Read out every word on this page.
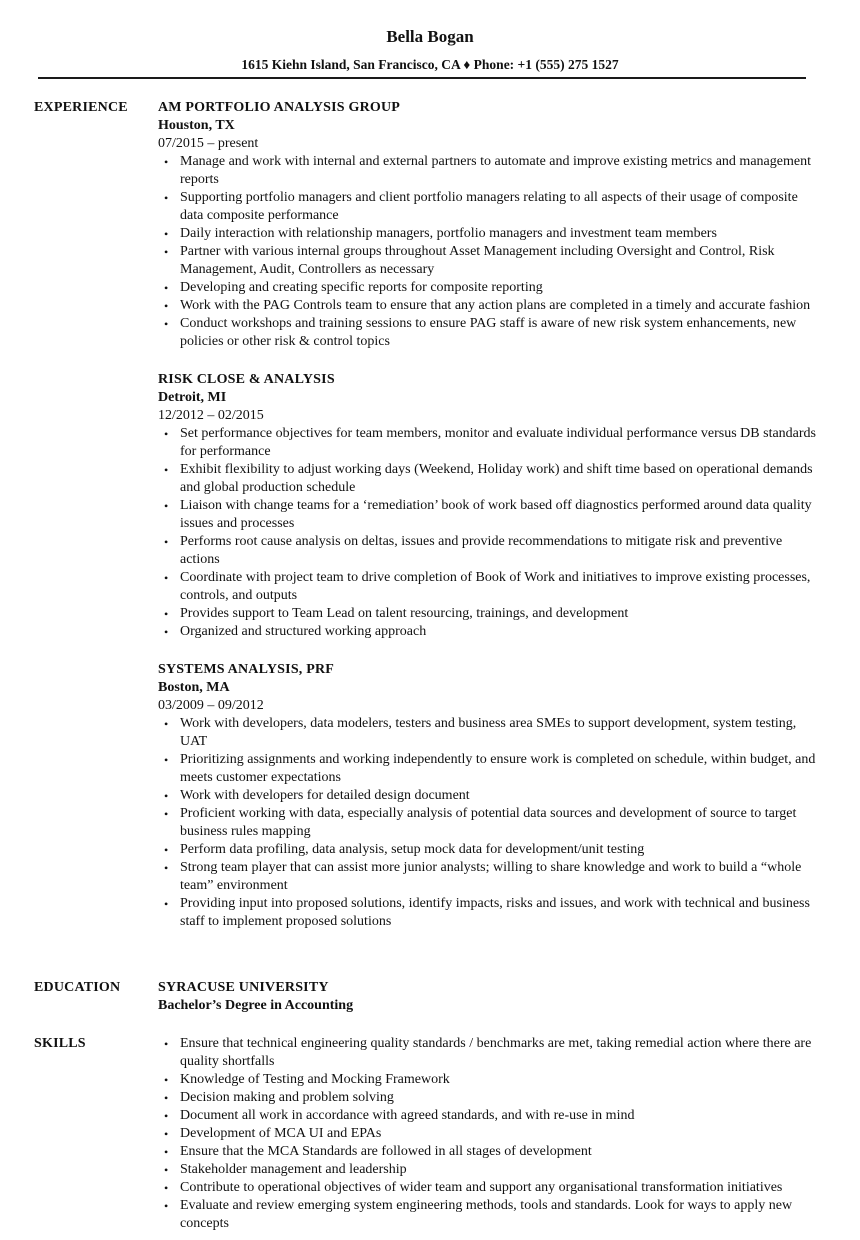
Bella Bogan
1615 Kiehn Island, San Francisco, CA ♦ Phone: +1 (555) 275 1527
EXPERIENCE AM PORTFOLIO ANALYSIS GROUP
Houston, TX
07/2015 – present
• Manage and work with internal and external partners to automate and improve existing metrics and management reports
• Supporting portfolio managers and client portfolio managers relating to all aspects of their usage of composite data composite performance
• Daily interaction with relationship managers, portfolio managers and investment team members
• Partner with various internal groups throughout Asset Management including Oversight and Control, Risk Management, Audit, Controllers as necessary
• Developing and creating specific reports for composite reporting
• Work with the PAG Controls team to ensure that any action plans are completed in a timely and accurate fashion
• Conduct workshops and training sessions to ensure PAG staff is aware of new risk system enhancements, new policies or other risk & control topics
RISK CLOSE & ANALYSIS
Detroit, MI
12/2012 – 02/2015
• Set performance objectives for team members, monitor and evaluate individual performance versus DB standards for performance
• Exhibit flexibility to adjust working days (Weekend, Holiday work) and shift time based on operational demands and global production schedule
• Liaison with change teams for a ‘remediation’ book of work based off diagnostics performed around data quality issues and processes
• Performs root cause analysis on deltas, issues and provide recommendations to mitigate risk and preventive actions
• Coordinate with project team to drive completion of Book of Work and initiatives to improve existing processes, controls, and outputs
• Provides support to Team Lead on talent resourcing, trainings, and development
• Organized and structured working approach
SYSTEMS ANALYSIS, PRF
Boston, MA
03/2009 – 09/2012
• Work with developers, data modelers, testers and business area SMEs to support development, system testing, UAT
• Prioritizing assignments and working independently to ensure work is completed on schedule, within budget, and meets customer expectations
• Work with developers for detailed design document
• Proficient working with data, especially analysis of potential data sources and development of source to target business rules mapping
• Perform data profiling, data analysis, setup mock data for development/unit testing
• Strong team player that can assist more junior analysts; willing to share knowledge and work to build a “whole team” environment
• Providing input into proposed solutions, identify impacts, risks and issues, and work with technical and business staff to implement proposed solutions
EDUCATION	SYRACUSE UNIVERSITY
Bachelor’s Degree in Accounting
SKILLS	• Ensure that technical engineering quality standards / benchmarks are met, taking remedial action where there are quality shortfalls
• Knowledge of Testing and Mocking Framework
• Decision making and problem solving
• Document all work in accordance with agreed standards, and with re-use in mind
• Development of MCA UI and EPAs
• Ensure that the MCA Standards are followed in all stages of development
• Stakeholder management and leadership
• Contribute to operational objectives of wider team and support any organisational transformation initiatives
• Evaluate and review emerging system engineering methods, tools and standards. Look for ways to apply new concepts
